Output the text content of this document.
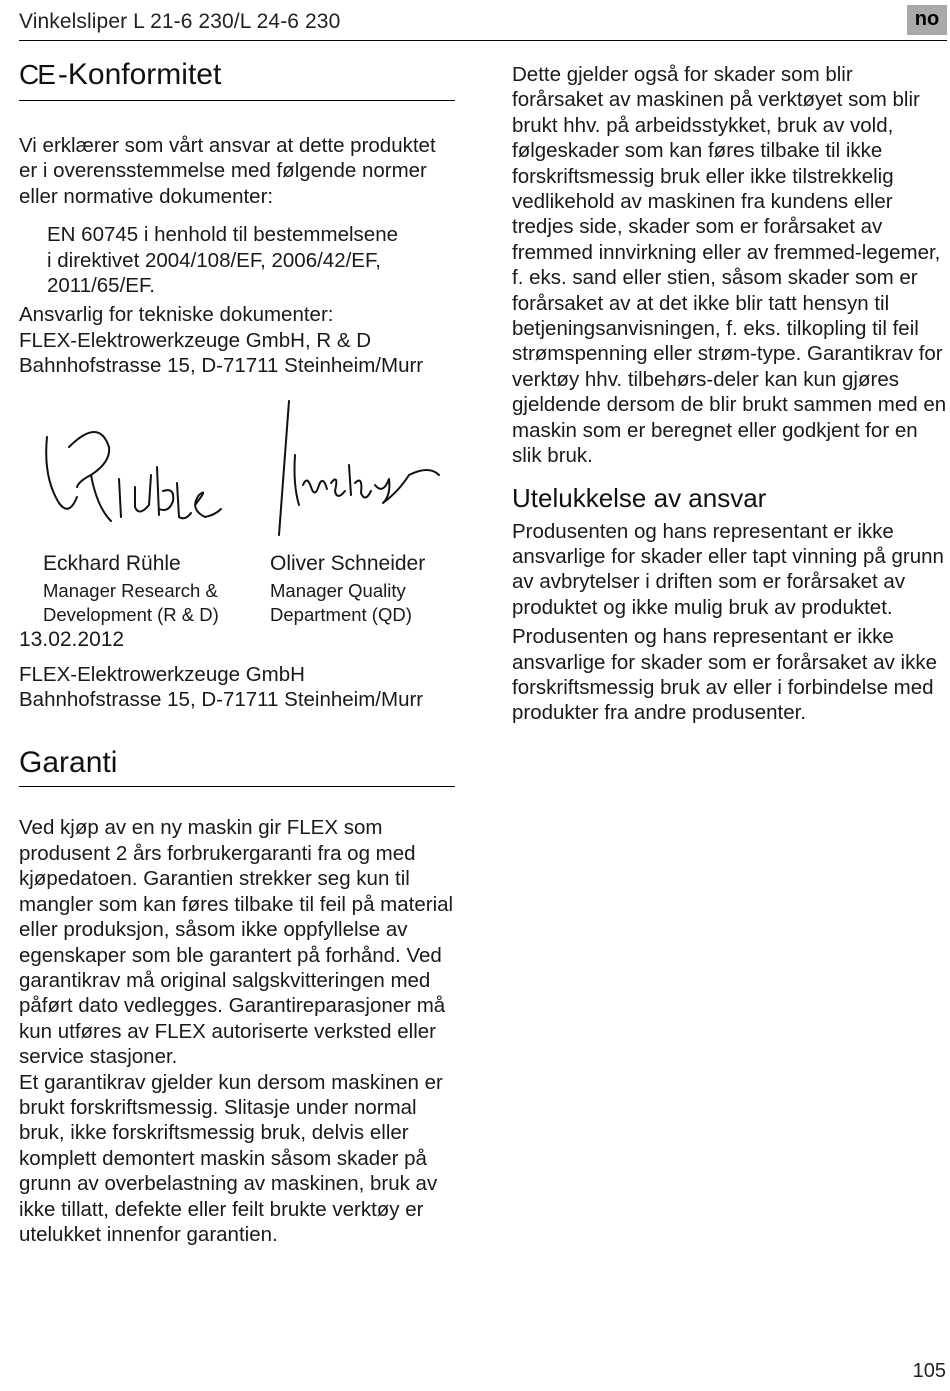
Vinkelsliper L 21-6 230/L 24-6 230	no
CE -Konformitet

Vi erklærer som vårt ansvar at dette produktet er i overensstemmelse med følgende normer eller normative dokumenter:

EN 60745 i henhold til bestemmelsene i direktivet 2004/108/EF, 2006/42/EF, 2011/65/EF.

Ansvarlig for tekniske dokumenter:

FLEX-Elektrowerkzeuge GmbH, R & D

Bahnhofstrasse 15, D-71711 Steinheim/Murr

Eckhard Rühle
Manager Research &
Development (R & D)
Oliver Schneider
Manager Quality
Department (QD)
13.02.2012

FLEX-Elektrowerkzeuge GmbH

Bahnhofstrasse 15, D-71711 Steinheim/Murr

Garanti

Ved kjøp av en ny maskin gir FLEX som produsent 2 års forbrukergaranti fra og med kjøpedatoen. Garantien strekker seg kun til mangler som kan føres tilbake til feil på material eller produksjon, såsom ikke oppfyllelse av egenskaper som ble garantert på forhånd. Ved garantikrav må original salgskvitteringen med påført dato vedlegges. Garantireparasjoner må kun utføres av FLEX autoriserte verksted eller service stasjoner.

Et garantikrav gjelder kun dersom maskinen er brukt forskriftsmessig. Slitasje under normal bruk, ikke forskriftsmessig bruk, delvis eller komplett demontert maskin såsom skader på grunn av overbelastning av maskinen, bruk av ikke tillatt, defekte eller feilt brukte verktøy er utelukket innenfor garantien.

Dette gjelder også for skader som blir forårsaket av maskinen på verktøyet som blir brukt hhv. på arbeidsstykket, bruk av vold, følgeskader som kan føres tilbake til ikke forskriftsmessig bruk eller ikke tilstrekkelig vedlikehold av maskinen fra kundens eller tredjes side, skader som er forårsaket av fremmed innvirkning eller av fremmed-legemer, f. eks. sand eller stien, såsom skader som er forårsaket av at det ikke blir tatt hensyn til betjeningsanvisningen, f. eks. tilkopling til feil strømspenning eller strøm-type. Garantikrav for verktøy hhv. tilbehørs-deler kan kun gjøres gjeldende dersom de blir brukt sammen med en maskin som er beregnet eller godkjent for en slik bruk.

Utelukkelse av ansvar

Produsenten og hans representant er ikke ansvarlige for skader eller tapt vinning på grunn av avbrytelser i driften som er forårsaket av produktet og ikke mulig bruk av produktet.

Produsenten og hans representant er ikke ansvarlige for skader som er forårsaket av ikke forskriftsmessig bruk av eller i forbindelse med produkter fra andre produsenter.

105
